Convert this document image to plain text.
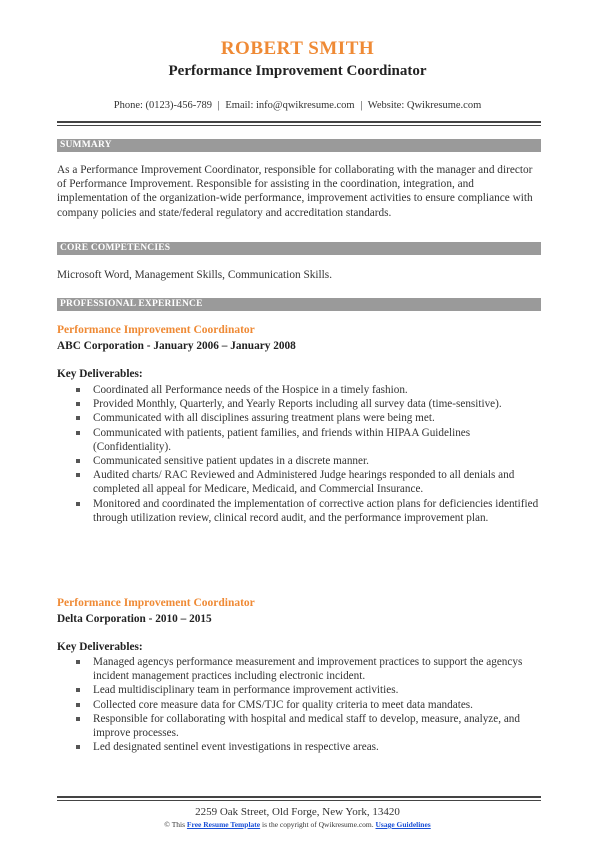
ROBERT SMITH
Performance Improvement Coordinator
Phone: (0123)-456-789 | Email: info@qwikresume.com | Website: Qwikresume.com
SUMMARY
As a Performance Improvement Coordinator, responsible for collaborating with the manager and director of Performance Improvement. Responsible for assisting in the coordination, integration, and implementation of the organization-wide performance, improvement activities to ensure compliance with company policies and state/federal regulatory and accreditation standards.
CORE COMPETENCIES
Microsoft Word, Management Skills, Communication Skills.
PROFESSIONAL EXPERIENCE
Performance Improvement Coordinator
ABC Corporation - January 2006 – January 2008
Key Deliverables:
Coordinated all Performance needs of the Hospice in a timely fashion.
Provided Monthly, Quarterly, and Yearly Reports including all survey data (time-sensitive).
Communicated with all disciplines assuring treatment plans were being met.
Communicated with patients, patient families, and friends within HIPAA Guidelines (Confidentiality).
Communicated sensitive patient updates in a discrete manner.
Audited charts/ RAC Reviewed and Administered Judge hearings responded to all denials and completed all appeal for Medicare, Medicaid, and Commercial Insurance.
Monitored and coordinated the implementation of corrective action plans for deficiencies identified through utilization review, clinical record audit, and the performance improvement plan.
Performance Improvement Coordinator
Delta Corporation - 2010 – 2015
Key Deliverables:
Managed agencys performance measurement and improvement practices to support the agencys incident management practices including electronic incident.
Lead multidisciplinary team in performance improvement activities.
Collected core measure data for CMS/TJC for quality criteria to meet data mandates.
Responsible for collaborating with hospital and medical staff to develop, measure, analyze, and improve processes.
Led designated sentinel event investigations in respective areas.
2259 Oak Street, Old Forge, New York, 13420
© This Free Resume Template is the copyright of Qwikresume.com. Usage Guidelines
